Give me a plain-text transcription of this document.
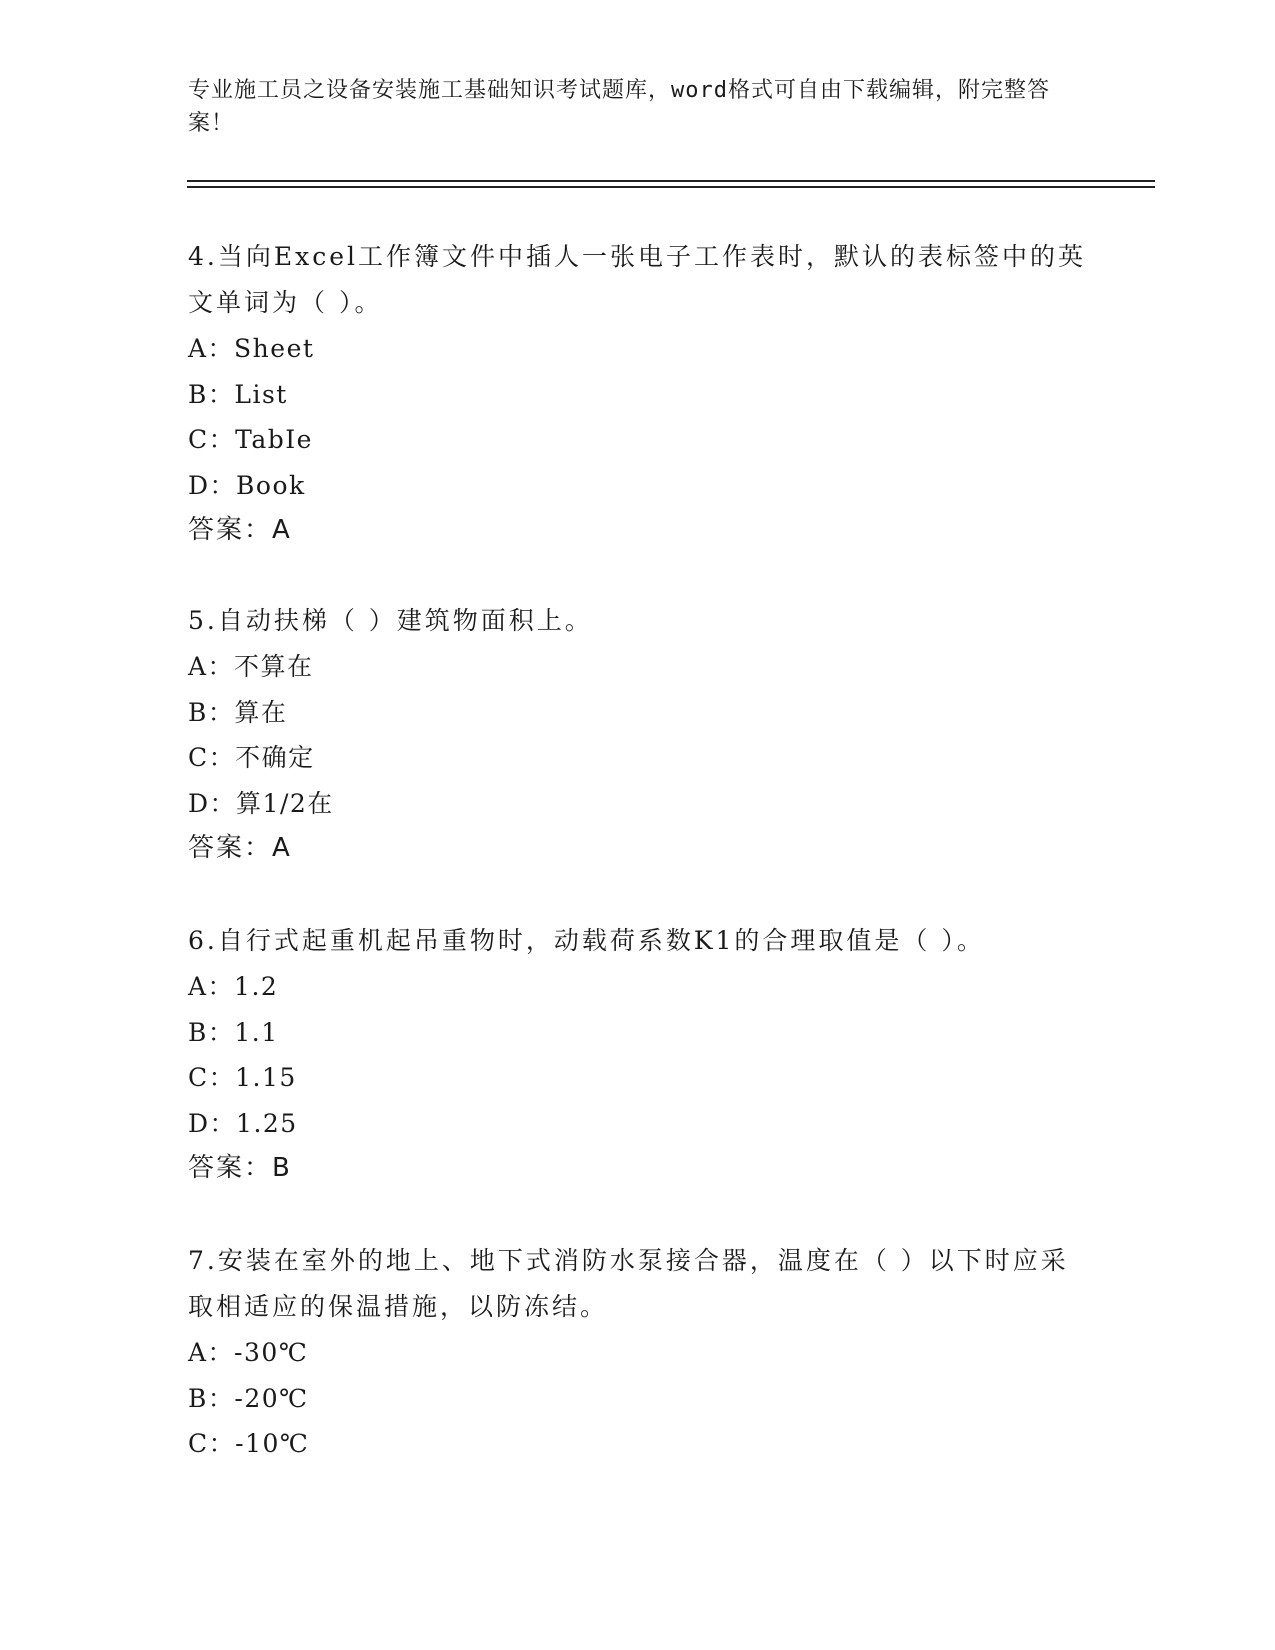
专业施工员之设备安装施工基础知识考试题库，word格式可自由下载编辑，附完整答案！

4.当向Excel工作簿文件中插人一张电子工作表时，默认的表标签中的英文单词为（ ）。

A：Sheet

B：List

C：TabIe

D：Book

答案：A

5.自动扶梯（ ）建筑物面积上。

A：不算在

B：算在

C：不确定

D：算1/2在

答案：A

6.自行式起重机起吊重物时，动载荷系数K1的合理取值是（ ）。

A：1.2

B：1.1

C：1.15

D：1.25

答案：B

7.安装在室外的地上、地下式消防水泵接合器，温度在（ ）以下时应采取相适应的保温措施，以防冻结。

A：-30℃

B：-20℃

C：-10℃
